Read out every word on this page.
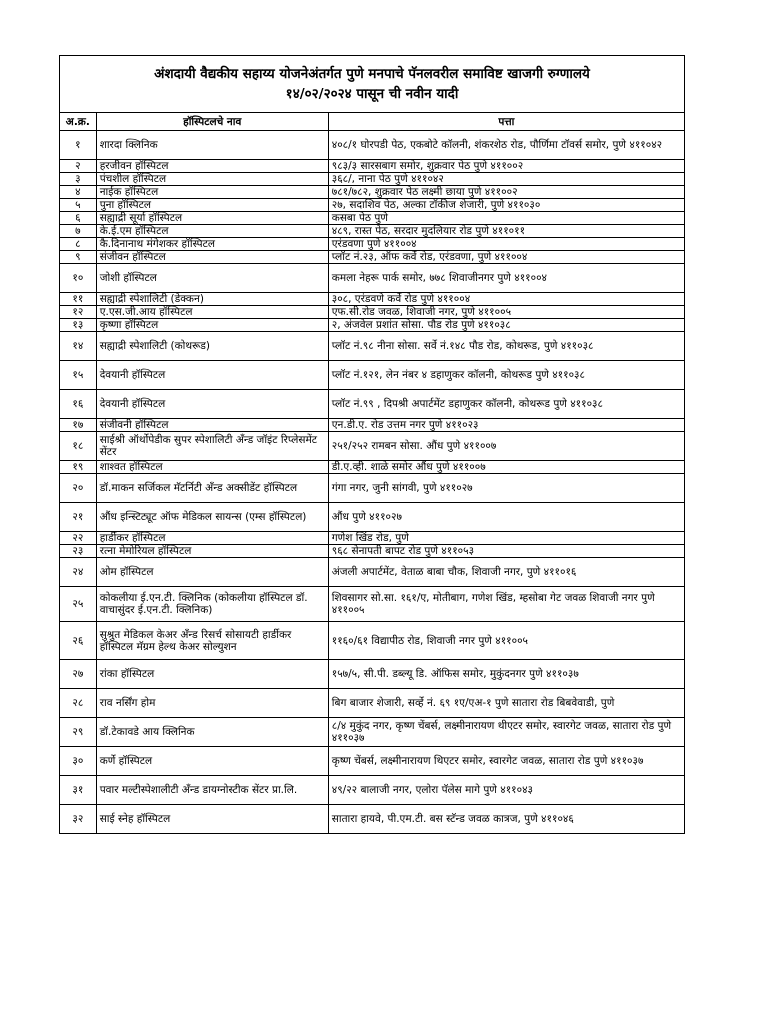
अंशदायी वैद्यकीय सहाय्य योजनेअंतर्गत पुणे मनपाचे पॅनलवरील समाविष्ट खाजगी रुग्णालये
१४/०२/२०२४ पासून ची नवीन यादी		

अ.क्र.	हॉस्पिटलचे नाव	पत्ता
१	शारदा क्लिनिक	४०८/१ घोरपडी पेठ, एकबोटे कॉलनी, शंकरशेठ रोड, पौर्णिमा टॉवर्स समोर, पुणे ४११०४२
२	हरजीवन हॉस्पिटल	९८३/३ सारसबाग समोर, शुक्रवार पेठ पुणे ४११००२
३	पंचशील हॉस्पिटल	३६८/, नाना पेठ पुणे ४११०४२
४	नाईक हॉस्पिटल	७८१/७८२, शुक्रवार पेठ लक्ष्मी छाया पुणे ४११००२
५	पुना हॉस्पिटल	२७, सदाशिव पेठ, अल्का टॉकीज शेजारी, पुणे ४११०३०
६	सह्याद्री सूर्या हॉस्पिटल	कसबा पेठ पुणे
७	के.ई.एम हॉस्पिटल	४८९, रास्त पेठ, सरदार मुदलियार रोड पुणे ४११०११
८	कै.दिनानाथ मंगेशकर हॉस्पिटल	एरंडवणा पुणे ४११००४
९	संजीवन हॉस्पिटल	प्लॉट नं.२३, ऑफ कर्वे रोड, एरंडवणा, पुणे ४११००४
१०	जोशी हॉस्पिटल	कमला नेहरू पार्क समोर, ७७८ शिवाजीनगर पुणे ४११००४
११	सह्याद्री स्पेशालिटी (डेक्कन)	३०८, एरंडवणे कर्वे रोड पुणे ४११००४
१२	ए.एस.जी.आय हॉस्पिटल	एफ.सी.रोड जवळ, शिवाजी नगर, पुणे ४११००५
१३	कृष्णा हॉस्पिटल	२, अंजवेल प्रशांत सोसा. पौड रोड पुणे ४११०३८
१४	सह्याद्री स्पेशालिटी (कोथरूड)	प्लॉट नं.९८ नीना सोसा. सर्वे नं.१४८ पौड रोड, कोथरूड, पुणे ४११०३८
१५	देवयानी हॉस्पिटल	प्लॉट नं.१२१, लेन नंबर ४ डहाणुकर कॉलनी, कोथरूड पुणे ४११०३८
१६	देवयानी हॉस्पिटल	प्लॉट नं.९९ , दिपश्री अपार्टमेंट डहाणुकर कॉलनी, कोथरूड पुणे ४११०३८
१७	संजीवनी हॉस्पिटल	एन.डी.ए. रोड उत्तम नगर पुणे ४११०२३
१८	साईश्री ऑर्थोपेडीक सुपर स्पेशालिटी अँन्ड जॉइंट रिप्लेसमेंट सेंटर	२५१/२५२ रामबन सोसा. औंध पुणे ४११००७
१९	शाश्वत हॉस्पिटल	डी.ए.व्ही. शाळे समोर औंध पुणे ४११००७
२०	डॉ.माकन सर्जिकल मॅटर्निटी अँन्ड अक्सीडेंट हॉस्पिटल	गंगा नगर, जुनी सांगवी, पुणे ४११०२७
२१	औंध इन्स्टिट्यूट ऑफ मेडिकल सायन्स (एम्स हॉस्पिटल)	औंध पुणे ४११०२७
२२	हार्डीकर हॉस्पिटल	गणेश खिंड रोड, पुणे
२३	रत्ना मेमोरियल हॉस्पिटल	९६८ सेनापती बापट रोड पुणे ४११०५३
२४	ओम हॉस्पिटल	अंजली अपार्टमेंट, वेताळ बाबा चौक, शिवाजी नगर, पुणे ४११०१६
२५	कोकलीया ई.एन.टी. क्लिनिक (कोकलीया हॉस्पिटल डॉ. वाचासुंदर ई.एन.टी. क्लिनिक)	शिवसागर सो.सा. १६१/ए, मोतीबाग, गणेश खिंड, म्हसोबा गेट जवळ शिवाजी नगर पुणे ४११००५
२६	सुश्रुत मेडिकल केअर अँन्ड रिसर्च सोसायटी हार्डीकर हॉस्पिटल मॅग्रम हेल्थ केअर सोल्युशन	११६०/६१ विद्यापीठ रोड, शिवाजी नगर पुणे ४११००५
२७	रांका हॉस्पिटल	१५७/५, सी.पी. डब्ल्यू डि. ऑफिस समोर, मुकुंदनगर पुणे ४११०३७
२८	राव नर्सिंग होम	बिग बाजार शेजारी, सर्व्हे नं. ६९ १ए/एअ-१ पुणे सातारा रोड बिबवेवाडी, पुणे
२९	डॉ.टेकावडे आय क्लिनिक	८/४ मुकुंद नगर, कृष्ण चेंबर्स, लक्ष्मीनारायण थीएटर समोर, स्वारगेट जवळ, सातारा रोड पुणे ४११०३७
३०	कर्णे हॉस्पिटल	कृष्ण चेंबर्स, लक्ष्मीनारायण थिएटर समोर, स्वारगेट जवळ, सातारा रोड पुणे ४११०३७
३१	पवार मल्टीस्पेशालीटी अँन्ड डायग्नोस्टीक सेंटर प्रा.लि.	४९/२२ बालाजी नगर, एलोरा पॅलेस मागे पुणे ४११०४३
३२	साई स्नेह हॉस्पिटल	सातारा हायवे, पी.एम.टी. बस स्टॅन्ड जवळ कात्रज, पुणे ४११०४६
